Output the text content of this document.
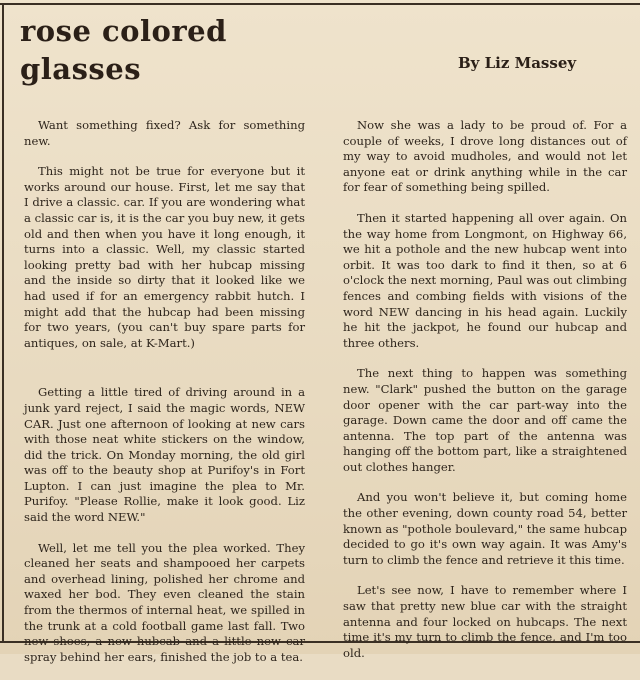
rose colored
glasses	By Liz Massey

Want something fixed? Ask for something new.

This might not be true for everyone but it works around our house. First, let me say that I drive a classic. car. If you are wondering what a classic car is, it is the car you buy new, it gets old and then when you have it long enough, it turns into a classic. Well, my classic started looking pretty bad with her hubcap missing and the inside so dirty that it looked like we had used if for an emergency rabbit hutch. I might add that the hubcap had been missing for two years, (you can't buy spare parts for antiques, on sale, at K-Mart.)

Getting a little tired of driving around in a junk yard reject, I said the magic words, NEW CAR. Just one afternoon of looking at new cars with those neat white stickers on the window, did the trick. On Monday morning, the old girl was off to the beauty shop at Purifoy's in Fort Lupton. I can just imagine the plea to Mr. Purifoy. "Please Rollie, make it look good. Liz said the word NEW."

Well, let me tell you the plea worked. They cleaned her seats and shampooed her carpets and overhead lining, polished her chrome and waxed her bod. They even cleaned the stain from the thermos of internal heat, we spilled in the trunk at a cold football game last fall. Two new shoes, a new hubcab and a little new car spray behind her ears, finished the job to a tea.

Now she was a lady to be proud of. For a couple of weeks, I drove long distances out of my way to avoid mudholes, and would not let anyone eat or drink anything while in the car for fear of something being spilled.

Then it started happening all over again. On the way home from Longmont, on Highway 66, we hit a pothole and the new hubcap went into orbit. It was too dark to find it then, so at 6 o'clock the next morning, Paul was out climbing fences and combing fields with visions of the word NEW dancing in his head again. Luckily he hit the jackpot, he found our hubcap and three others.

The next thing to happen was something new. "Clark" pushed the button on the garage door opener with the car part-way into the garage. Down came the door and off came the antenna. The top part of the antenna was hanging off the bottom part, like a straightened out clothes hanger.

And you won't believe it, but coming home the other evening, down county road 54, better known as "pothole boulevard," the same hubcap decided to go it's own way again. It was Amy's turn to climb the fence and retrieve it this time.

Let's see now, I have to remember where I saw that pretty new blue car with the straight antenna and four locked on hubcaps. The next time it's my turn to climb the fence, and I'm too old.
